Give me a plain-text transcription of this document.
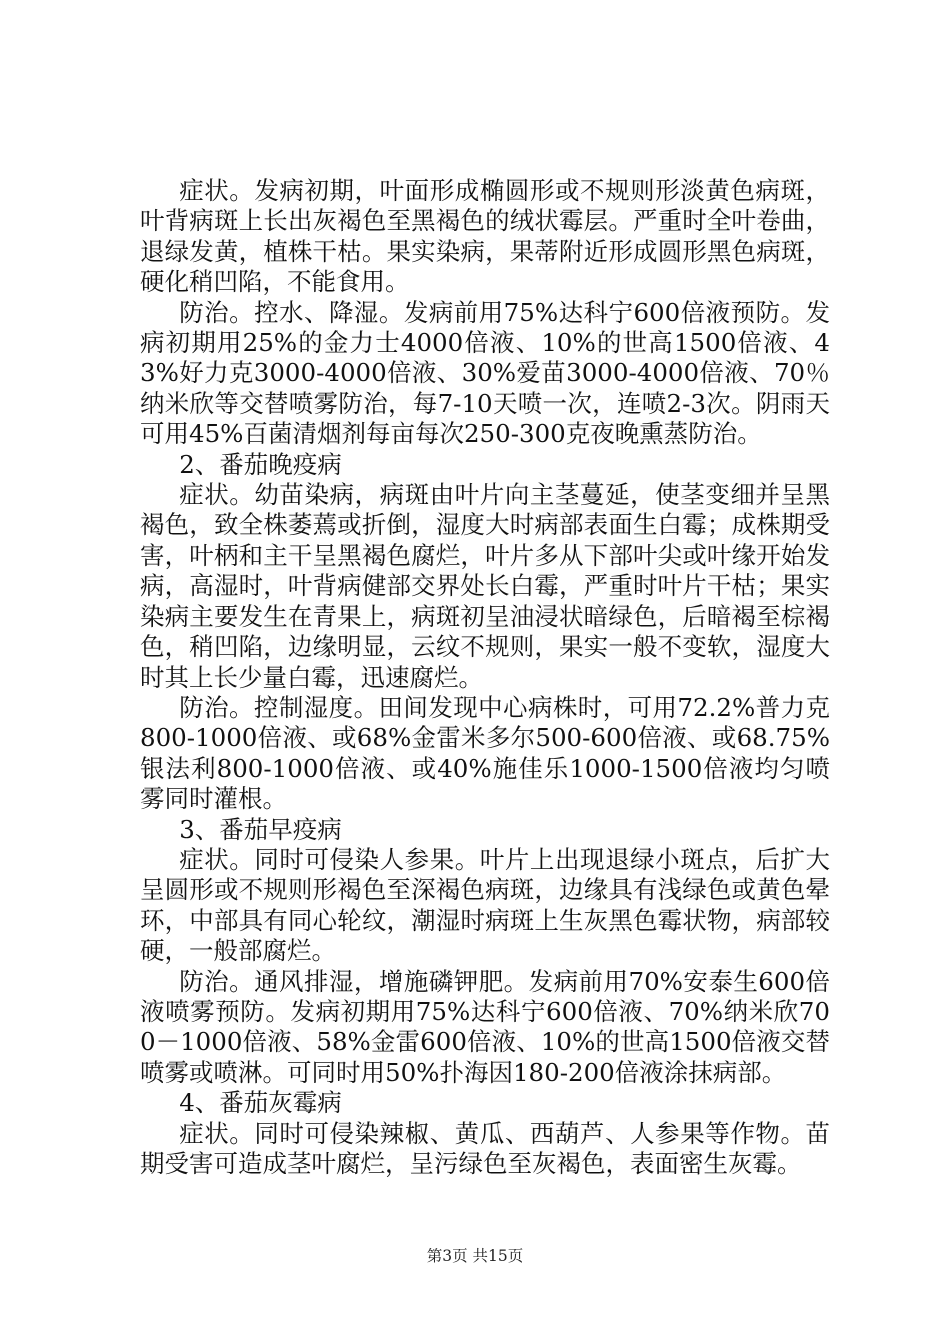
症状。发病初期，叶面形成椭圆形或不规则形淡黄色病斑，叶背病斑上长出灰褐色至黑褐色的绒状霉层。严重时全叶卷曲，退绿发黄，植株干枯。果实染病，果蒂附近形成圆形黑色病斑，硬化稍凹陷，不能食用。

防治。控水、降湿。发病前用75%达科宁600倍液预防。发病初期用25%的金力士4000倍液、10%的世高1500倍液、43%好力克3000-4000倍液、30%爱苗3000-4000倍液、70％纳米欣等交替喷雾防治，每7-10天喷一次，连喷2-3次。阴雨天可用45%百菌清烟剂每亩每次250-300克夜晚熏蒸防治。

2、番茄晚疫病

症状。幼苗染病，病斑由叶片向主茎蔓延，使茎变细并呈黑褐色，致全株萎蔫或折倒，湿度大时病部表面生白霉；成株期受害，叶柄和主干呈黑褐色腐烂，叶片多从下部叶尖或叶缘开始发病，高湿时，叶背病健部交界处长白霉，严重时叶片干枯；果实染病主要发生在青果上，病斑初呈油浸状暗绿色，后暗褐至棕褐色，稍凹陷，边缘明显，云纹不规则，果实一般不变软，湿度大时其上长少量白霉，迅速腐烂。

防治。控制湿度。田间发现中心病株时，可用72.2%普力克800-1000倍液、或68%金雷米多尔500-600倍液、或68.75%银法利800-1000倍液、或40%施佳乐1000-1500倍液均匀喷雾同时灌根。

3、番茄早疫病

症状。同时可侵染人参果。叶片上出现退绿小斑点，后扩大呈圆形或不规则形褐色至深褐色病斑，边缘具有浅绿色或黄色晕环，中部具有同心轮纹，潮湿时病斑上生灰黑色霉状物，病部较硬，一般部腐烂。

防治。通风排湿，增施磷钾肥。发病前用70%安泰生600倍液喷雾预防。发病初期用75%达科宁600倍液、70%纳米欣700－1000倍液、58%金雷600倍液、10%的世高1500倍液交替喷雾或喷淋。可同时用50%扑海因180-200倍液涂抹病部。

4、番茄灰霉病

症状。同时可侵染辣椒、黄瓜、西葫芦、人参果等作物。苗期受害可造成茎叶腐烂，呈污绿色至灰褐色，表面密生灰霉。

第3页 共15页
